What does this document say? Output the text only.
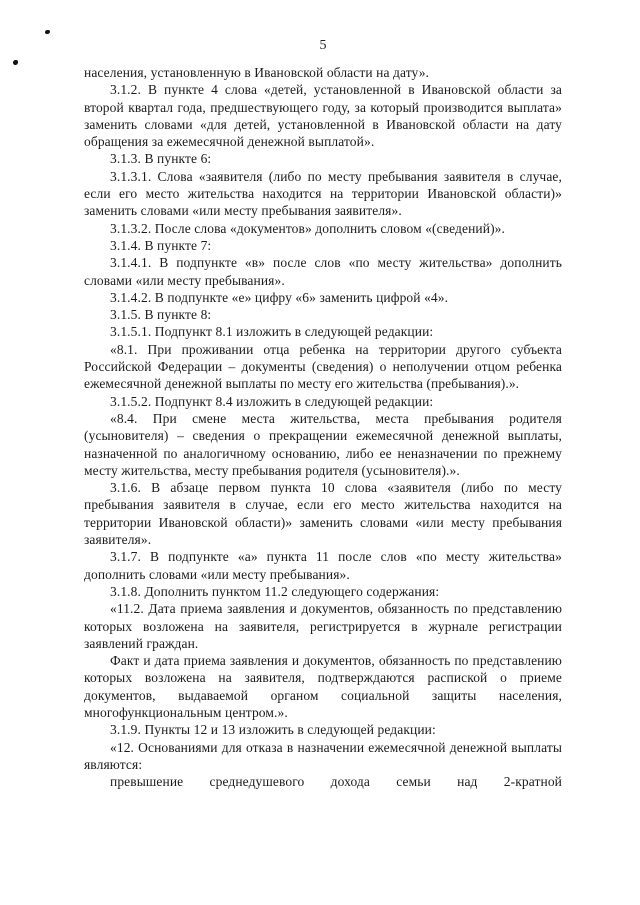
5

населения, установленную в Ивановской области на дату».

3.1.2. В пункте 4 слова «детей, установленной в Ивановской области за второй квартал года, предшествующего году, за который производится выплата» заменить словами «для детей, установленной в Ивановской области на дату обращения за ежемесячной денежной выплатой».

3.1.3. В пункте 6:

3.1.3.1. Слова «заявителя (либо по месту пребывания заявителя в случае, если его место жительства находится на территории Ивановской области)» заменить словами «или месту пребывания заявителя».

3.1.3.2. После слова «документов» дополнить словом «(сведений)».

3.1.4. В пункте 7:

3.1.4.1. В подпункте «в» после слов «по месту жительства» дополнить словами «или месту пребывания».

3.1.4.2. В подпункте «е» цифру «6» заменить цифрой «4».

3.1.5. В пункте 8:

3.1.5.1. Подпункт 8.1 изложить в следующей редакции:

«8.1. При проживании отца ребенка на территории другого субъекта Российской Федерации – документы (сведения) о неполучении отцом ребенка ежемесячной денежной выплаты по месту его жительства (пребывания).».

3.1.5.2. Подпункт 8.4 изложить в следующей редакции:

«8.4. При смене места жительства, места пребывания родителя (усыновителя) – сведения о прекращении ежемесячной денежной выплаты, назначенной по аналогичному основанию, либо ее неназначении по прежнему месту жительства, месту пребывания родителя (усыновителя).».

3.1.6. В абзаце первом пункта 10 слова «заявителя (либо по месту пребывания заявителя в случае, если его место жительства находится на территории Ивановской области)» заменить словами «или месту пребывания заявителя».

3.1.7. В подпункте «а» пункта 11 после слов «по месту жительства» дополнить словами «или месту пребывания».

3.1.8. Дополнить пунктом 11.2 следующего содержания:

«11.2. Дата приема заявления и документов, обязанность по представлению которых возложена на заявителя, регистрируется в журнале регистрации заявлений граждан.

Факт и дата приема заявления и документов, обязанность по представлению которых возложена на заявителя, подтверждаются распиской о приеме документов, выдаваемой органом социальной защиты населения, многофункциональным центром.».

3.1.9. Пункты 12 и 13 изложить в следующей редакции:

«12. Основаниями для отказа в назначении ежемесячной денежной выплаты являются:

превышение среднедушевого дохода семьи над 2-кратной
